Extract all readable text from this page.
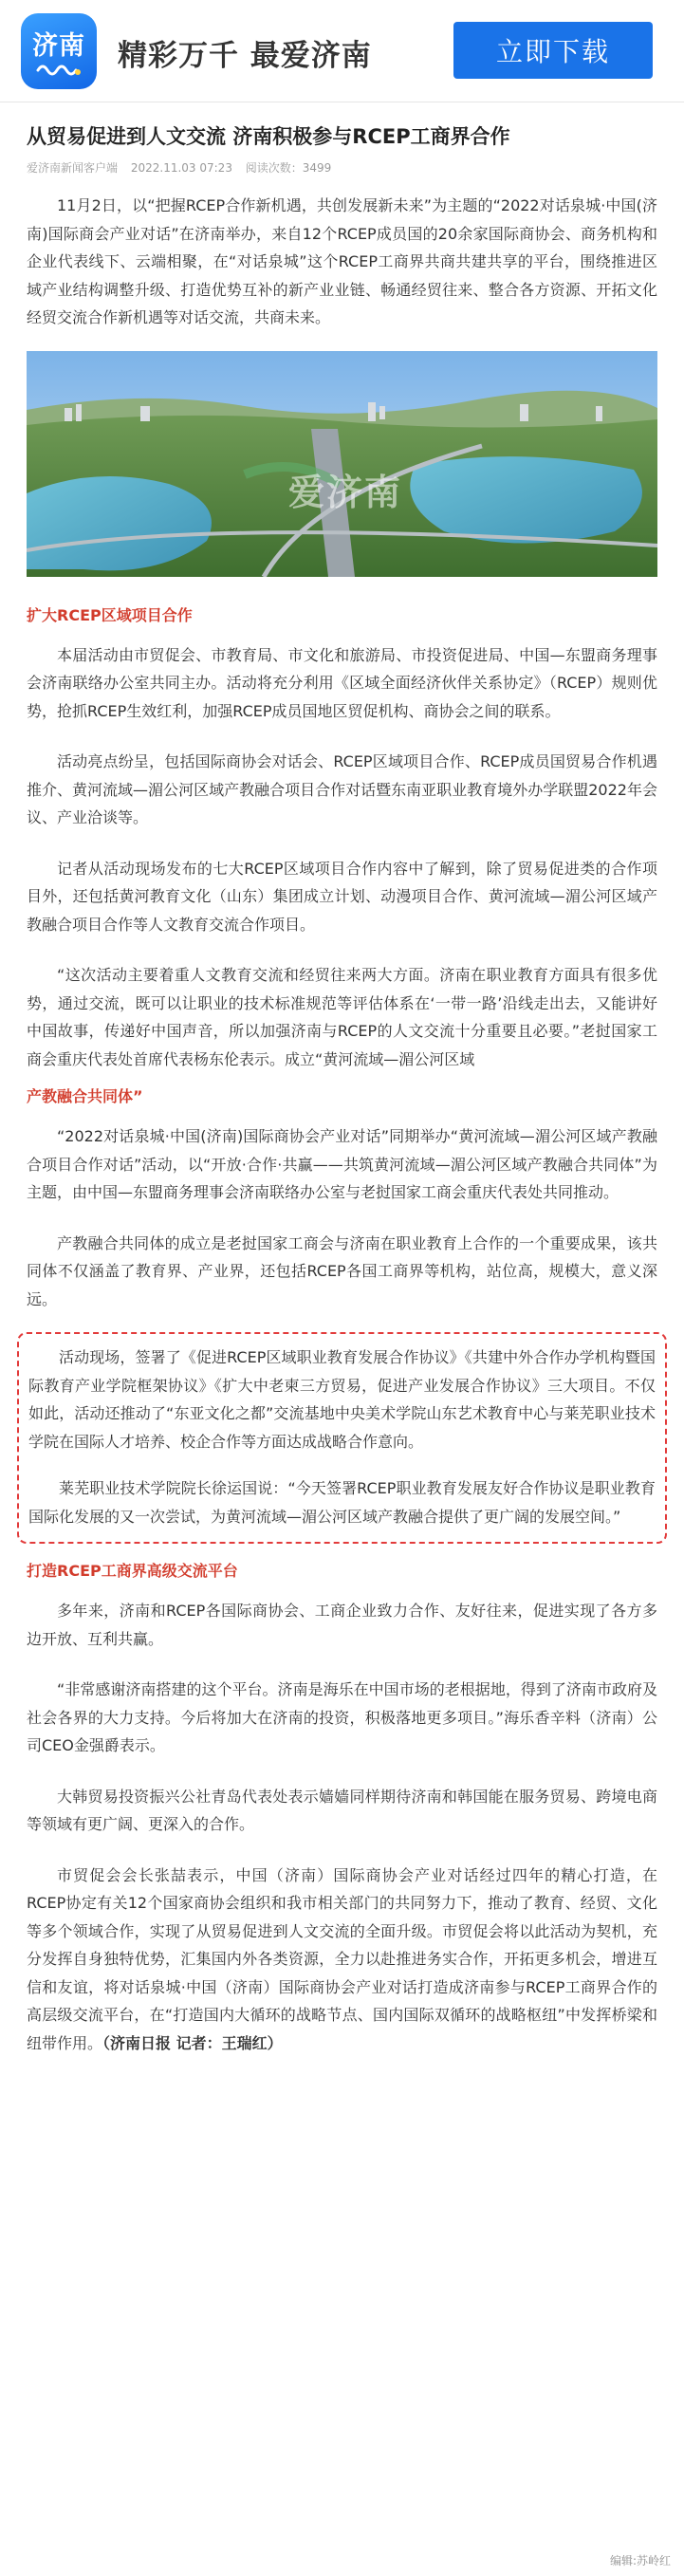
济南	精彩万千 最爱济南	立即下载
从贸易促进到人文交流 济南积极参与RCEP工商界合作
爱济南新闻客户端 2022.11.03 07:23 阅读次数：3499

11月2日，以“把握RCEP合作新机遇，共创发展新未来”为主题的“2022对话泉城·中国(济南)国际商会产业对话”在济南举办，来自12个RCEP成员国的20余家国际商协会、商务机构和企业代表线下、云端相聚，在“对话泉城”这个RCEP工商界共商共建共享的平台，围绕推进区域产业结构调整升级、打造优势互补的新产业业链、畅通经贸往来、整合各方资源、开拓文化经贸交流合作新机遇等对话交流，共商未来。

爱济南

扩大RCEP区域项目合作

本届活动由市贸促会、市教育局、市文化和旅游局、市投资促进局、中国—东盟商务理事会济南联络办公室共同主办。活动将充分利用《区域全面经济伙伴关系协定》（RCEP）规则优势，抢抓RCEP生效红利，加强RCEP成员国地区贸促机构、商协会之间的联系。

活动亮点纷呈，包括国际商协会对话会、RCEP区域项目合作、RCEP成员国贸易合作机遇推介、黄河流域—湄公河区域产教融合项目合作对话暨东南亚职业教育境外办学联盟2022年会议、产业洽谈等。

记者从活动现场发布的七大RCEP区域项目合作内容中了解到，除了贸易促进类的合作项目外，还包括黄河教育文化（山东）集团成立计划、动漫项目合作、黄河流域—湄公河区域产教融合项目合作等人文教育交流合作项目。

“这次活动主要着重人文教育交流和经贸往来两大方面。济南在职业教育方面具有很多优势，通过交流，既可以让职业的技术标准规范等评估体系在‘一带一路’沿线走出去，又能讲好中国故事，传递好中国声音，所以加强济南与RCEP的人文交流十分重要且必要。”老挝国家工商会重庆代表处首席代表杨东伦表示。成立“黄河流域—湄公河区域

产教融合共同体”

“2022对话泉城·中国(济南)国际商协会产业对话”同期举办“黄河流域—湄公河区域产教融合项目合作对话”活动，以“开放·合作·共赢——共筑黄河流域—湄公河区域产教融合共同体”为主题，由中国—东盟商务理事会济南联络办公室与老挝国家工商会重庆代表处共同推动。

产教融合共同体的成立是老挝国家工商会与济南在职业教育上合作的一个重要成果，该共同体不仅涵盖了教育界、产业界，还包括RCEP各国工商界等机构，站位高，规模大，意义深远。

活动现场，签署了《促进RCEP区域职业教育发展合作协议》《共建中外合作办学机构暨国际教育产业学院框架协议》《扩大中老柬三方贸易，促进产业发展合作协议》三大项目。不仅如此，活动还推动了“东亚文化之都”交流基地中央美术学院山东艺术教育中心与莱芜职业技术学院在国际人才培养、校企合作等方面达成战略合作意向。

莱芜职业技术学院院长徐运国说：“今天签署RCEP职业教育发展友好合作协议是职业教育国际化发展的又一次尝试，为黄河流域—湄公河区域产教融合提供了更广阔的发展空间。”

打造RCEP工商界高级交流平台

多年来，济南和RCEP各国际商协会、工商企业致力合作、友好往来，促进实现了各方多边开放、互利共赢。

“非常感谢济南搭建的这个平台。济南是海乐在中国市场的老根据地，得到了济南市政府及社会各界的大力支持。今后将加大在济南的投资，积极落地更多项目。”海乐香辛料（济南）公司CEO金强爵表示。

大韩贸易投资振兴公社青岛代表处表示嫱嫱同样期待济南和韩国能在服务贸易、跨境电商等领域有更广阔、更深入的合作。

市贸促会会长张喆表示，中国（济南）国际商协会产业对话经过四年的精心打造，在RCEP协定有关12个国家商协会组织和我市相关部门的共同努力下，推动了教育、经贸、文化等多个领域合作，实现了从贸易促进到人文交流的全面升级。市贸促会将以此活动为契机，充分发挥自身独特优势，汇集国内外各类资源，全力以赴推进务实合作，开拓更多机会，增进互信和友谊，将对话泉城·中国（济南）国际商协会产业对话打造成济南参与RCEP工商界合作的高层级交流平台，在“打造国内大循环的战略节点、国内国际双循环的战略枢纽”中发挥桥梁和纽带作用。（济南日报 记者：王瑞红）

编辑:苏岭红
